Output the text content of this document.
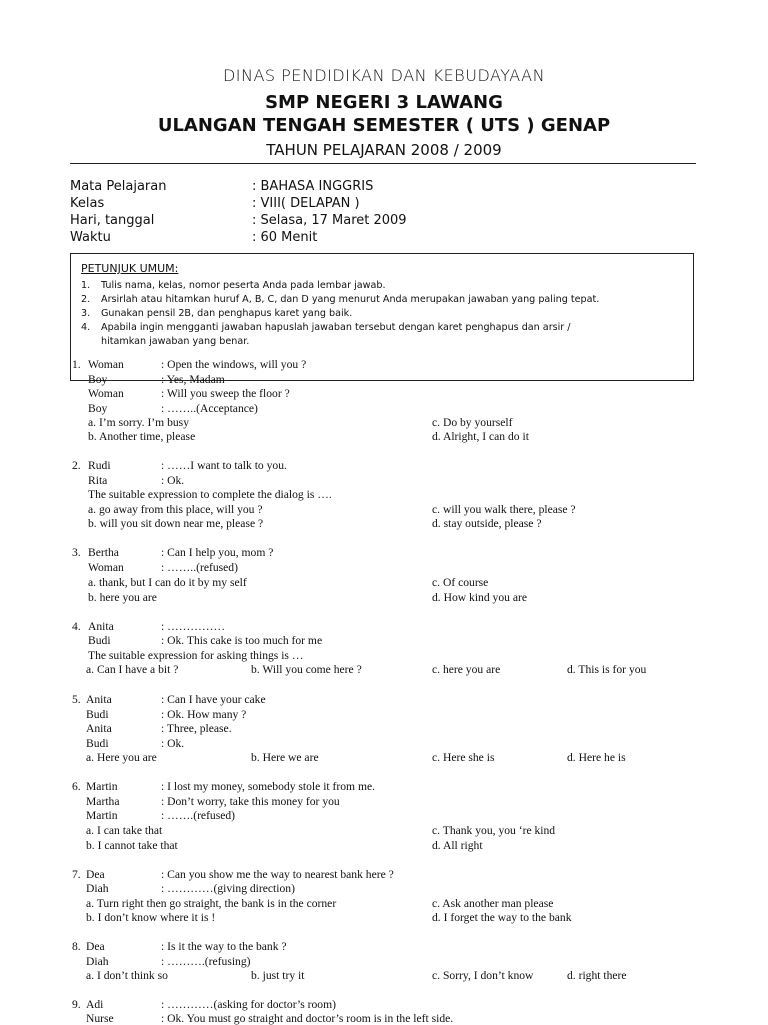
DINAS PENDIDIKAN DAN KEBUDAYAAN
SMP NEGERI 3 LAWANG
ULANGAN TENGAH SEMESTER ( UTS ) GENAP
TAHUN PELAJARAN 2008 / 2009
Mata Pelajaran	: BAHASA INGGRIS
Kelas	: VIII( DELAPAN )
Hari, tanggal	: Selasa, 17 Maret 2009
Waktu	: 60 Menit
PETUNJUK UMUM:
1. Tulis nama, kelas, nomor peserta Anda pada lembar jawab.
2. Arsirlah atau hitamkan huruf A, B, C, dan D yang menurut Anda merupakan jawaban yang paling tepat.
3. Gunakan pensil 2B, dan penghapus karet yang baik.
4. Apabila ingin mengganti jawaban hapuslah jawaban tersebut dengan karet penghapus dan arsir /
hitamkan jawaban yang benar.
1. Woman	: Open the windows, will you ?
Boy	: Yes, Madam
Woman	: Will you sweep the floor ?
Boy	: ……..(Acceptance)
a. I’m sorry. I’m busy
b. Another time, please
c. Do by yourself
d. Alright, I can do it
2. Rudi	: ……I want to talk to you.
Rita	: Ok.
The suitable expression to complete the dialog is ….
a. go away from this place, will you ?
b. will you sit down near me, please ?
c. will you walk there, please ?
d. stay outside, please ?
3. Bertha	: Can I help you, mom ?
Woman	: ……..(refused)
a. thank, but I can do it by my self
b. here you are
c. Of course
d. How kind you are
4. Anita	: ……………
Budi	: Ok. This cake is too much for me
The suitable expression for asking things is …
a. Can I have a bit ?	b. Will you come here ?	c. here you are	d. This is for you
5. Anita	: Can I have your cake
Budi	: Ok. How many ?
Anita	: Three, please.
Budi	: Ok.
a. Here you are	b. Here we are	c. Here she is	d. Here he is
6. Martin	: I lost my money, somebody stole it from me.
Martha	: Don’t worry, take this money for you
Martin	: …….(refused)
a. I can take that
b. I cannot take that
c. Thank you, you ‘re kind
d. All right
7. Dea	: Can you show me the way to nearest bank here ?
Diah	: …………(giving direction)
a. Turn right then go straight, the bank is in the corner
b. I don’t know where it is !
c. Ask another man please
d. I forget the way to the bank
8. Dea	: Is it the way to the bank ?
Diah	: ……….(refusing)
a. I don’t think so	b. just try it	c. Sorry, I don’t know	d. right there
9. Adi	: …………(asking for doctor’s room)
Nurse	: Ok. You must go straight and doctor’s room is in the left side.
